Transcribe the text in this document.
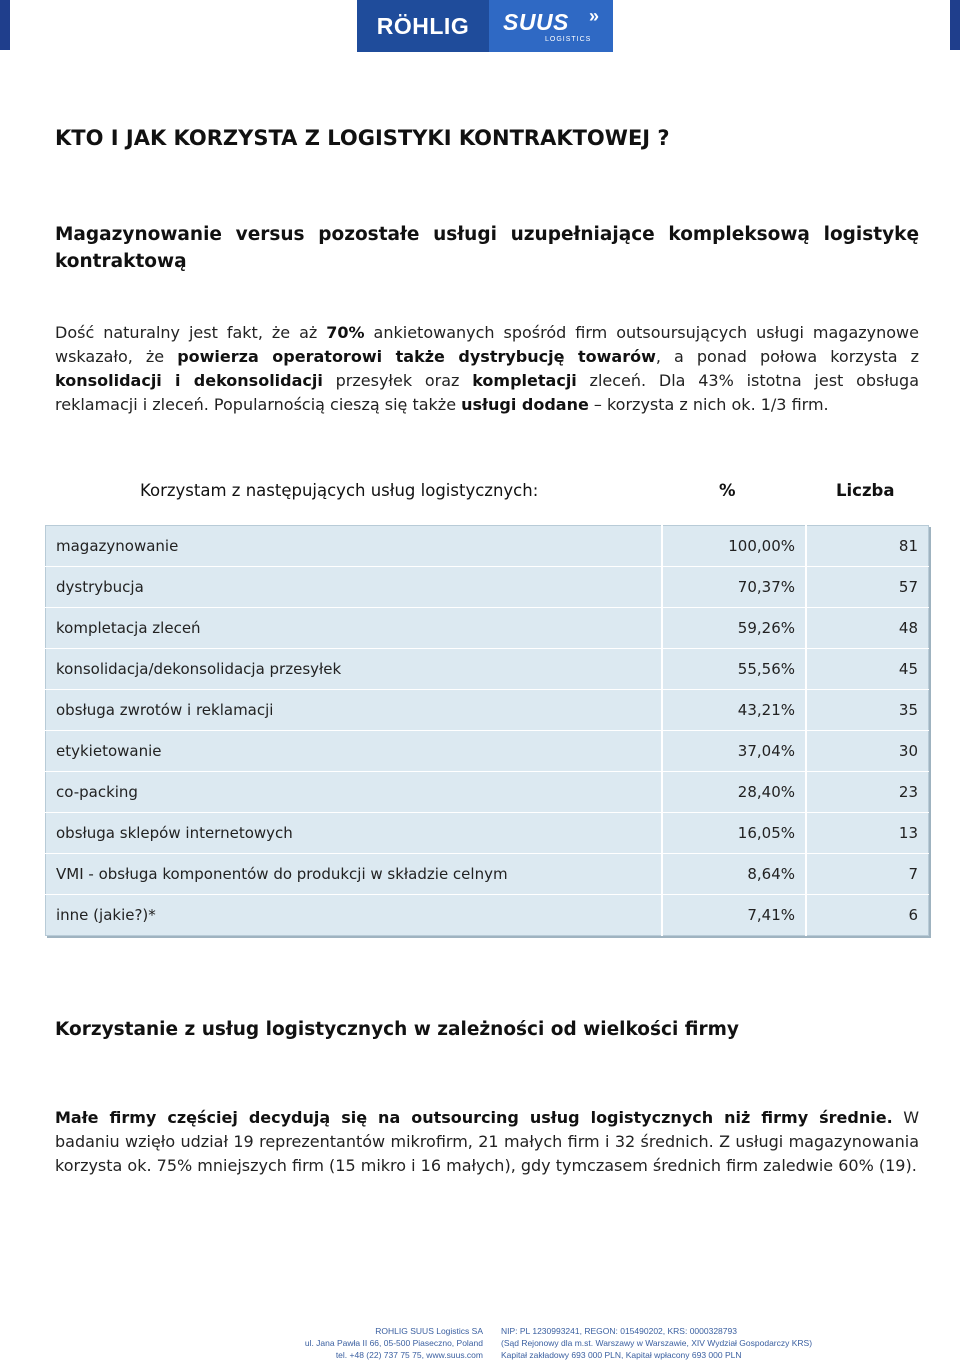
RÖHLIG	SUUS »
LOGISTICS
KTO I JAK KORZYSTA Z LOGISTYKI KONTRAKTOWEJ ?
Magazynowanie versus pozostałe usługi uzupełniające kompleksową logistykę kontraktową

Dość naturalny jest fakt, że aż 70% ankietowanych spośród firm outsoursujących usługi magazynowe wskazało, że powierza operatorowi także dystrybucję towarów, a ponad połowa korzysta z konsolidacji i dekonsolidacji przesyłek oraz kompletacji zleceń. Dla 43% istotna jest obsługa reklamacji i zleceń. Popularnością cieszą się także usługi dodane – korzysta z nich ok. 1/3 firm.

Korzystam z następujących usług logistycznych:	%	Liczba
magazynowanie	100,00%	81
dystrybucja	70,37%	57
kompletacja zleceń	59,26%	48
konsolidacja/dekonsolidacja przesyłek	55,56%	45
obsługa zwrotów i reklamacji	43,21%	35
etykietowanie	37,04%	30
co-packing	28,40%	23
obsługa sklepów internetowych	16,05%	13
VMI - obsługa komponentów do produkcji w składzie celnym	8,64%	7
inne (jakie?)*	7,41%	6
Korzystanie z usług logistycznych w zależności od wielkości firmy

Małe firmy częściej decydują się na outsourcing usług logistycznych niż firmy średnie. W badaniu wzięło udział 19 reprezentantów mikrofirm, 21 małych firm i 32 średnich. Z usługi magazynowania korzysta ok. 75% mniejszych firm (15 mikro i 16 małych), gdy tymczasem średnich firm zaledwie 60% (19).

ROHLIG SUUS Logistics SA
ul. Jana Pawła II 66, 05-500 Piaseczno, Poland
tel. +48 (22) 737 75 75, www.suus.com
NIP: PL 1230993241, REGON: 015490202, KRS: 0000328793
(Sąd Rejonowy dla m.st. Warszawy w Warszawie, XIV Wydział Gospodarczy KRS)
Kapitał zakładowy 693 000 PLN, Kapitał wpłacony 693 000 PLN
